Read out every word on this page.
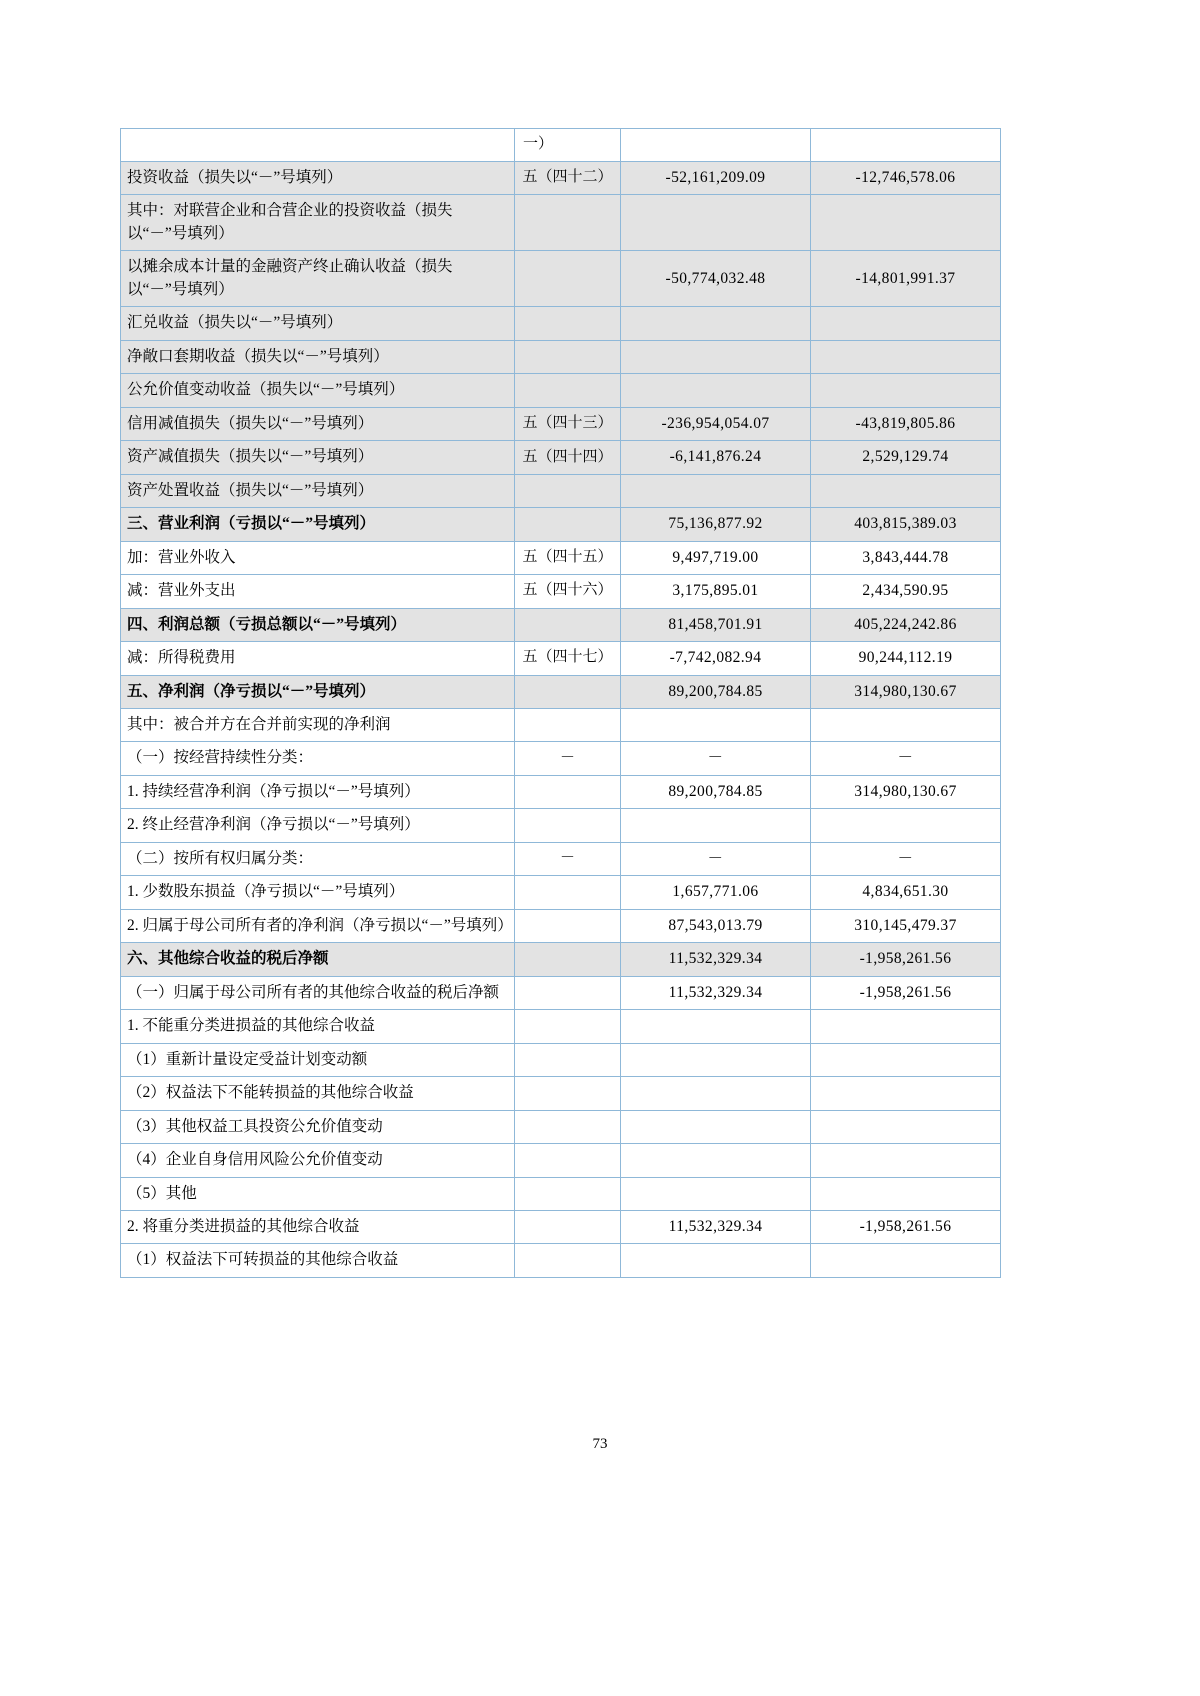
	一）		
投资收益（损失以“－”号填列）	五（四十二）	-52,161,209.09	-12,746,578.06
其中：对联营企业和合营企业的投资收益（损失以“－”号填列）			
以摊余成本计量的金融资产终止确认收益（损失以“－”号填列）		-50,774,032.48	-14,801,991.37
汇兑收益（损失以“－”号填列）			
净敞口套期收益（损失以“－”号填列）			
公允价值变动收益（损失以“－”号填列）			
信用减值损失（损失以“－”号填列）	五（四十三）	-236,954,054.07	-43,819,805.86
资产减值损失（损失以“－”号填列）	五（四十四）	-6,141,876.24	2,529,129.74
资产处置收益（损失以“－”号填列）			
三、营业利润（亏损以“－”号填列）		75,136,877.92	403,815,389.03
加：营业外收入	五（四十五）	9,497,719.00	3,843,444.78
减：营业外支出	五（四十六）	3,175,895.01	2,434,590.95
四、利润总额（亏损总额以“－”号填列）		81,458,701.91	405,224,242.86
减：所得税费用	五（四十七）	-7,742,082.94	90,244,112.19
五、净利润（净亏损以“－”号填列）		89,200,784.85	314,980,130.67
其中：被合并方在合并前实现的净利润			
（一）按经营持续性分类：	－	－	－
1. 持续经营净利润（净亏损以“－”号填列）		89,200,784.85	314,980,130.67
2. 终止经营净利润（净亏损以“－”号填列）			
（二）按所有权归属分类：	－	－	－
1. 少数股东损益（净亏损以“－”号填列）		1,657,771.06	4,834,651.30
2. 归属于母公司所有者的净利润（净亏损以“－”号填列）		87,543,013.79	310,145,479.37
六、其他综合收益的税后净额		11,532,329.34	-1,958,261.56
（一）归属于母公司所有者的其他综合收益的税后净额		11,532,329.34	-1,958,261.56
1. 不能重分类进损益的其他综合收益			
（1）重新计量设定受益计划变动额			
（2）权益法下不能转损益的其他综合收益			
（3）其他权益工具投资公允价值变动			
（4）企业自身信用风险公允价值变动			
（5）其他			
2. 将重分类进损益的其他综合收益		11,532,329.34	-1,958,261.56
（1）权益法下可转损益的其他综合收益			
73
